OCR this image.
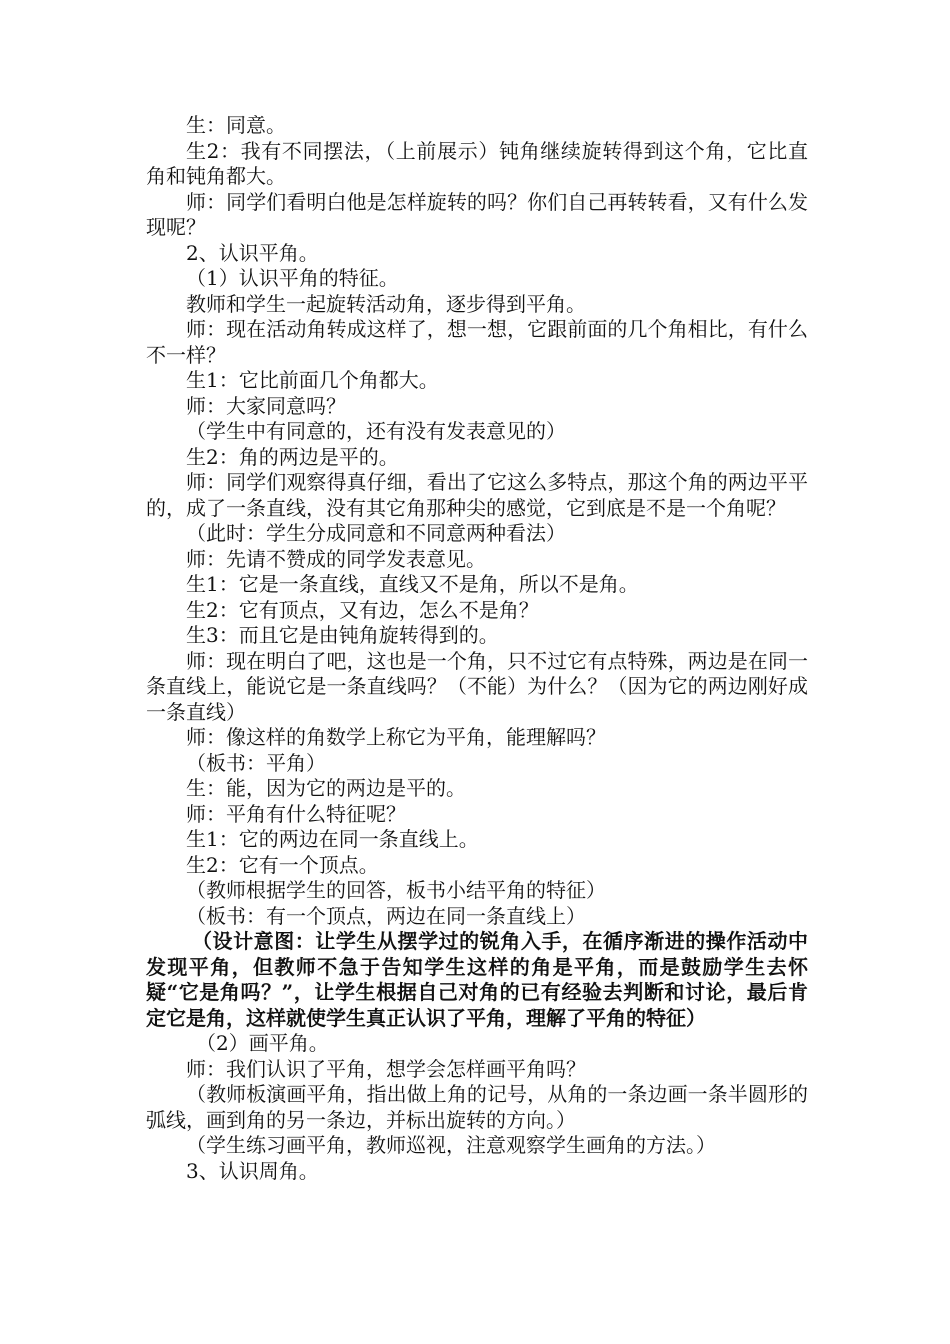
生：同意。

生2：我有不同摆法，（上前展示）钝角继续旋转得到这个角，它比直角和钝角都大。

师：同学们看明白他是怎样旋转的吗？你们自己再转转看，又有什么发现呢？

2、认识平角。

（1）认识平角的特征。

教师和学生一起旋转活动角，逐步得到平角。

师：现在活动角转成这样了，想一想，它跟前面的几个角相比，有什么不一样？

生1：它比前面几个角都大。

师：大家同意吗？

（学生中有同意的，还有没有发表意见的）

生2：角的两边是平的。

师：同学们观察得真仔细，看出了它这么多特点，那这个角的两边平平的，成了一条直线，没有其它角那种尖的感觉，它到底是不是一个角呢？

（此时：学生分成同意和不同意两种看法）

师：先请不赞成的同学发表意见。

生1：它是一条直线，直线又不是角，所以不是角。

生2：它有顶点，又有边，怎么不是角？

生3：而且它是由钝角旋转得到的。

师：现在明白了吧，这也是一个角，只不过它有点特殊，两边是在同一条直线上，能说它是一条直线吗？（不能）为什么？（因为它的两边刚好成一条直线）

师：像这样的角数学上称它为平角，能理解吗？

（板书：平角）

生：能，因为它的两边是平的。

师：平角有什么特征呢？

生1：它的两边在同一条直线上。

生2：它有一个顶点。

（教师根据学生的回答，板书小结平角的特征）

（板书：有一个顶点，两边在同一条直线上）

（设计意图：让学生从摆学过的锐角入手，在循序渐进的操作活动中发现平角，但教师不急于告知学生这样的角是平角，而是鼓励学生去怀疑“它是角吗？”，让学生根据自己对角的已有经验去判断和讨论，最后肯定它是角，这样就使学生真正认识了平角，理解了平角的特征）

（2）画平角。

师：我们认识了平角，想学会怎样画平角吗？

（教师板演画平角，指出做上角的记号，从角的一条边画一条半圆形的弧线，画到角的另一条边，并标出旋转的方向。）

（学生练习画平角，教师巡视，注意观察学生画角的方法。）

3、认识周角。
